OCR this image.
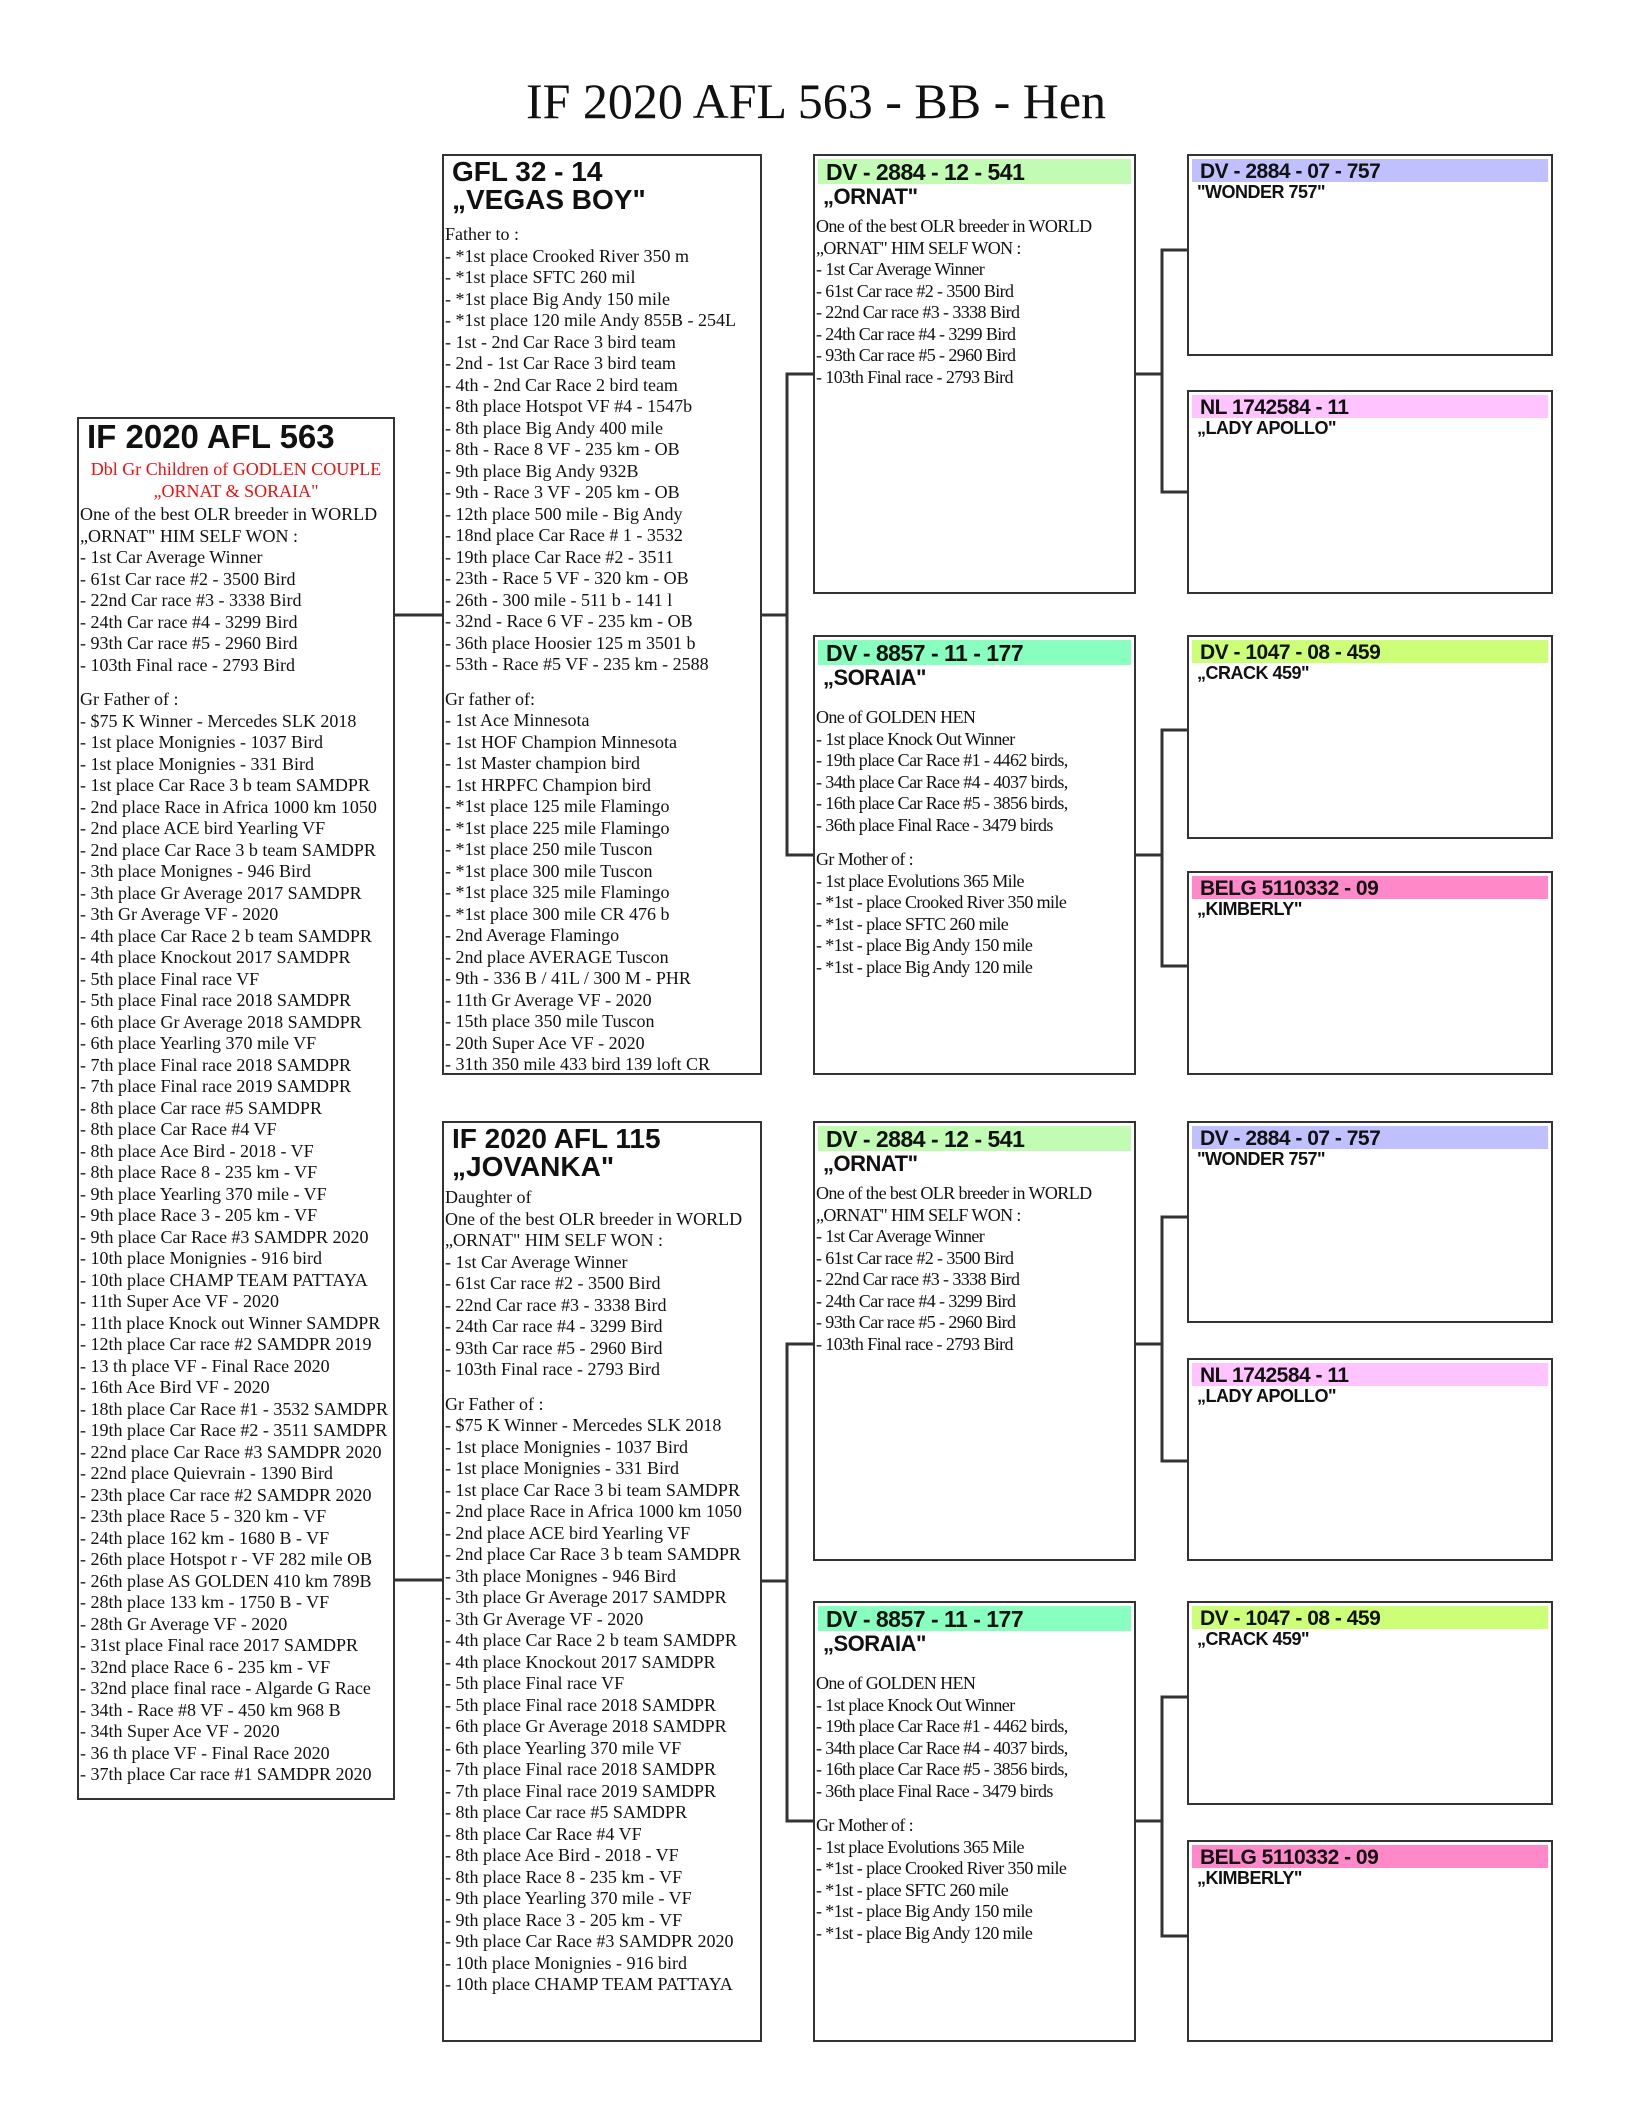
IF 2020 AFL 563 - BB - Hen
IF 2020 AFL 563
Dbl Gr Children of GODLEN COUPLE
„ORNAT & SORAIA"
One of the best OLR breeder in WORLD
„ORNAT" HIM SELF WON :
- 1st Car Average Winner
- 61st Car race #2 - 3500 Bird
- 22nd Car race #3 - 3338 Bird
- 24th Car race #4 - 3299 Bird
- 93th Car race #5 - 2960 Bird
- 103th Final race - 2793 Bird
Gr Father of :
- $75 K Winner - Mercedes SLK 2018
- 1st place Monignies - 1037 Bird
- 1st place Monignies - 331 Bird
- 1st place Car Race 3 b team SAMDPR
- 2nd place Race in Africa 1000 km 1050
- 2nd place ACE bird Yearling VF
- 2nd place Car Race 3 b team SAMDPR
- 3th place Monignes - 946 Bird
- 3th place Gr Average 2017 SAMDPR
- 3th Gr Average VF - 2020
- 4th place Car Race 2 b team SAMDPR
- 4th place Knockout 2017 SAMDPR
- 5th place Final race VF
- 5th place Final race 2018 SAMDPR
- 6th place Gr Average 2018 SAMDPR
- 6th place Yearling 370 mile VF
- 7th place Final race 2018 SAMDPR
- 7th place Final race 2019 SAMDPR
- 8th place Car race #5 SAMDPR
- 8th place Car Race #4 VF
- 8th place Ace Bird - 2018 - VF
- 8th place Race 8 - 235 km - VF
- 9th place Yearling 370 mile - VF
- 9th place Race 3 - 205 km - VF
- 9th place Car Race #3 SAMDPR 2020
- 10th place Monignies - 916 bird
- 10th place CHAMP TEAM PATTAYA
- 11th Super Ace VF - 2020
- 11th place Knock out Winner SAMDPR
- 12th place Car race #2 SAMDPR 2019
- 13 th place VF - Final Race 2020
- 16th Ace Bird VF - 2020
- 18th place Car Race #1 - 3532 SAMDPR
- 19th place Car Race #2 - 3511 SAMDPR
- 22nd place Car Race #3 SAMDPR 2020
- 22nd place Quievrain - 1390 Bird
- 23th place Car race #2 SAMDPR 2020
- 23th place Race 5 - 320 km - VF
- 24th place 162 km - 1680 B - VF
- 26th place Hotspot r - VF 282 mile OB
- 26th plase AS GOLDEN 410 km 789B
- 28th place 133 km - 1750 B - VF
- 28th Gr Average VF - 2020
- 31st place Final race 2017 SAMDPR
- 32nd place Race 6 - 235 km - VF
- 32nd place final race - Algarde G Race
- 34th - Race #8 VF - 450 km 968 B
- 34th Super Ace VF - 2020
- 36 th place VF - Final Race 2020
- 37th place Car race #1 SAMDPR 2020
GFL 32 - 14
„VEGAS BOY"
Father to :
- *1st place Crooked River 350 m
- *1st place SFTC 260 mil
- *1st place Big Andy 150 mile
- *1st place 120 mile Andy 855B - 254L
- 1st - 2nd Car Race 3 bird team
- 2nd - 1st Car Race 3 bird team
- 4th - 2nd Car Race 2 bird team
- 8th place Hotspot VF #4 - 1547b
- 8th place Big Andy 400 mile
- 8th - Race 8 VF - 235 km - OB
- 9th place Big Andy 932B
- 9th - Race 3 VF - 205 km - OB
- 12th place 500 mile - Big Andy
- 18nd place Car Race # 1 - 3532
- 19th place Car Race #2 - 3511
- 23th - Race 5 VF - 320 km - OB
- 26th - 300 mile - 511 b - 141 l
- 32nd - Race 6 VF - 235 km - OB
- 36th place Hoosier 125 m 3501 b
- 53th - Race #5 VF - 235 km - 2588
Gr father of:
- 1st Ace Minnesota
- 1st HOF Champion Minnesota
- 1st Master champion bird
- 1st HRPFC Champion bird
- *1st place 125 mile Flamingo
- *1st place 225 mile Flamingo
- *1st place 250 mile Tuscon
- *1st place 300 mile Tuscon
- *1st place 325 mile Flamingo
- *1st place 300 mile CR 476 b
- 2nd Average Flamingo
- 2nd place AVERAGE Tuscon
- 9th - 336 B / 41L / 300 M - PHR
- 11th Gr Average VF - 2020
- 15th place 350 mile Tuscon
- 20th Super Ace VF - 2020
- 31th 350 mile 433 bird 139 loft CR
IF 2020 AFL 115
„JOVANKA"
Daughter of
One of the best OLR breeder in WORLD
„ORNAT" HIM SELF WON :
- 1st Car Average Winner
- 61st Car race #2 - 3500 Bird
- 22nd Car race #3 - 3338 Bird
- 24th Car race #4 - 3299 Bird
- 93th Car race #5 - 2960 Bird
- 103th Final race - 2793 Bird
Gr Father of :
- $75 K Winner - Mercedes SLK 2018
- 1st place Monignies - 1037 Bird
- 1st place Monignies - 331 Bird
- 1st place Car Race 3 bi team SAMDPR
- 2nd place Race in Africa 1000 km 1050
- 2nd place ACE bird Yearling VF
- 2nd place Car Race 3 b team SAMDPR
- 3th place Monignes - 946 Bird
- 3th place Gr Average 2017 SAMDPR
- 3th Gr Average VF - 2020
- 4th place Car Race 2 b team SAMDPR
- 4th place Knockout 2017 SAMDPR
- 5th place Final race VF
- 5th place Final race 2018 SAMDPR
- 6th place Gr Average 2018 SAMDPR
- 6th place Yearling 370 mile VF
- 7th place Final race 2018 SAMDPR
- 7th place Final race 2019 SAMDPR
- 8th place Car race #5 SAMDPR
- 8th place Car Race #4 VF
- 8th place Ace Bird - 2018 - VF
- 8th place Race 8 - 235 km - VF
- 9th place Yearling 370 mile - VF
- 9th place Race 3 - 205 km - VF
- 9th place Car Race #3 SAMDPR 2020
- 10th place Monignies - 916 bird
- 10th place CHAMP TEAM PATTAYA
DV - 2884 - 12 - 541
„ORNAT"
One of the best OLR breeder in WORLD
„ORNAT" HIM SELF WON :
- 1st Car Average Winner
- 61st Car race #2 - 3500 Bird
- 22nd Car race #3 - 3338 Bird
- 24th Car race #4 - 3299 Bird
- 93th Car race #5 - 2960 Bird
- 103th Final race - 2793 Bird
DV - 8857 - 11 - 177
„SORAIA"
One of GOLDEN HEN
- 1st place Knock Out Winner
- 19th place Car Race #1 - 4462 birds,
- 34th place Car Race #4 - 4037 birds,
- 16th place Car Race #5 - 3856 birds,
- 36th place Final Race - 3479 birds
Gr Mother of :
- 1st place Evolutions 365 Mile
- *1st - place Crooked River 350 mile
- *1st - place SFTC 260 mile
- *1st - place Big Andy 150 mile
- *1st - place Big Andy 120 mile
DV - 2884 - 12 - 541
„ORNAT"
One of the best OLR breeder in WORLD
„ORNAT" HIM SELF WON :
- 1st Car Average Winner
- 61st Car race #2 - 3500 Bird
- 22nd Car race #3 - 3338 Bird
- 24th Car race #4 - 3299 Bird
- 93th Car race #5 - 2960 Bird
- 103th Final race - 2793 Bird
DV - 8857 - 11 - 177
„SORAIA"
One of GOLDEN HEN
- 1st place Knock Out Winner
- 19th place Car Race #1 - 4462 birds,
- 34th place Car Race #4 - 4037 birds,
- 16th place Car Race #5 - 3856 birds,
- 36th place Final Race - 3479 birds
Gr Mother of :
- 1st place Evolutions 365 Mile
- *1st - place Crooked River 350 mile
- *1st - place SFTC 260 mile
- *1st - place Big Andy 150 mile
- *1st - place Big Andy 120 mile
DV - 2884 - 07 - 757
"WONDER 757"
NL 1742584 - 11
„LADY APOLLO"
DV - 1047 - 08 - 459
„CRACK 459"
BELG 5110332 - 09
„KIMBERLY"
DV - 2884 - 07 - 757
"WONDER 757"
NL 1742584 - 11
„LADY APOLLO"
DV - 1047 - 08 - 459
„CRACK 459"
BELG 5110332 - 09
„KIMBERLY"
